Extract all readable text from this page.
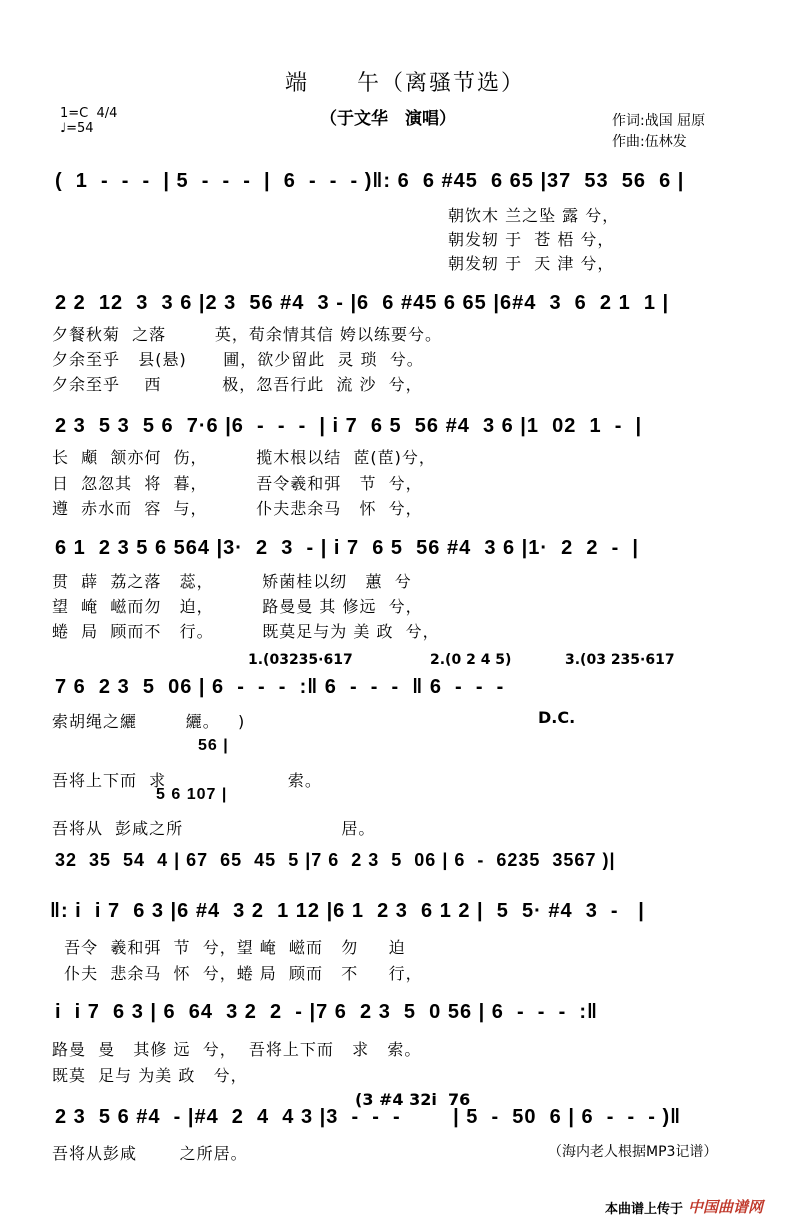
端　　午（离骚节选）
（于文华　演唱）
1=C  4/4
♩=54	作词:战国 屈原
作曲:伍林发
(  1  -  -  -  | 5  -  -  -  |  6  -  -  - )‖: 6  6 #45  6 65 |37  53  56  6 |
朝饮木 兰之坠 露 兮，
朝发轫 于  苍 梧 兮，
朝发轫 于  天 津 兮，
2 2  12  3  3 6 |2 3  56 #4  3 - |6  6 #45 6 65 |6#4  3  6  2 1  1 |
夕餐秋菊  之落        英，荀余情其信 姱以练要兮。
夕余至乎   县(悬)      圃，欲少留此  灵 琐  兮。
夕余至乎    西          极，忽吾行此  流 沙  兮，
2 3  5 3  5 6  7·6 |6  -  -  -  | i 7  6 5  56 #4  3 6 |1  02  1  -  |
长  顑  颔亦何  伤，        揽木根以结  茝(茞)兮，
日  忽忽其  将  暮，        吾令羲和弭   节  兮，
遵  赤水而  容  与，        仆夫悲余马   怀  兮，
6 1  2 3 5 6 564 |3·  2  3  - | i 7  6 5  56 #4  3 6 |1·  2  2  -  |
贯  薜  荔之落   蕊，        矫菌桂以纫   蕙  兮
望  崦  嵫而勿   迫，        路曼曼 其 修远  兮，
蜷  局  顾而不   行。        既莫足与为 美 政  兮，
1.(03235·617	2.(0 2 4 5)	3.(03 235·617
7 6  2 3  5  06 | 6  -  -  -  :‖ 6  -  -  -  ‖ 6  -  -  -
索胡绳之纚        纚。   )	D.C.
56 |
吾将上下而  求                    索。
5 6 107 |
吾将从  彭咸之所                          居。
32  35  54  4 | 67  65  45  5 |7 6  2 3  5  06 | 6  -  6235  3567 )|
‖: i  i 7  6 3 |6 #4  3 2  1 12 |6 1  2 3  6 1 2 |  5  5· #4  3  -   |
吾令  羲和弭  节  兮，望 崦  嵫而   勿     迫
仆夫  悲余马  怀  兮，蜷 局  顾而   不     行，
i  i 7  6 3 | 6  64  3 2  2  - |7 6  2 3  5  0 56 | 6  -  -  -  :‖
路曼  曼   其修 远  兮，  吾将上下而   求   索。
既莫  足与 为美 政   兮，
(3 #4 32i  76
2 3  5 6 #4  - |#4  2  4  4 3 |3  -  -  -        | 5  -  50  6 | 6  -  -  - )‖
吾将从彭咸       之所居。	（海内老人根据MP3记谱）
本曲谱上传于 中国曲谱网
